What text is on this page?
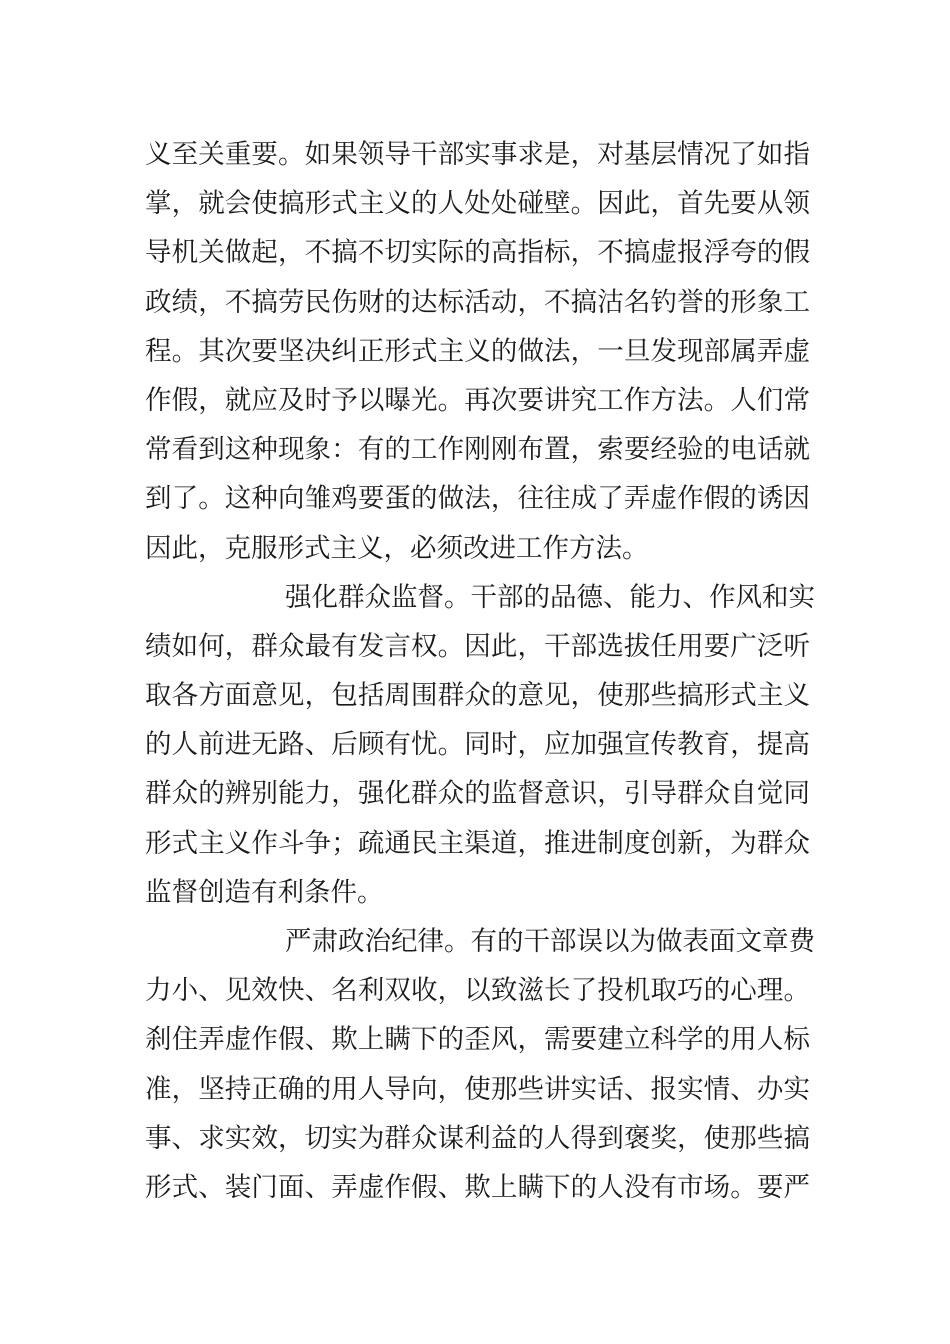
义至关重要。如果领导干部实事求是，对基层情况了如指
掌，就会使搞形式主义的人处处碰壁。因此，首先要从领
导机关做起，不搞不切实际的高指标，不搞虚报浮夸的假
政绩，不搞劳民伤财的达标活动，不搞沽名钓誉的形象工
程。其次要坚决纠正形式主义的做法，一旦发现部属弄虚
作假，就应及时予以曝光。再次要讲究工作方法。人们常
常看到这种现象：有的工作刚刚布置，索要经验的电话就
到了。这种向雏鸡要蛋的做法，往往成了弄虚作假的诱因
因此，克服形式主义，必须改进工作方法。
强化群众监督。干部的品德、能力、作风和实
绩如何，群众最有发言权。因此，干部选拔任用要广泛听
取各方面意见，包括周围群众的意见，使那些搞形式主义
的人前进无路、后顾有忧。同时，应加强宣传教育，提高
群众的辨别能力，强化群众的监督意识，引导群众自觉同
形式主义作斗争；疏通民主渠道，推进制度创新，为群众
监督创造有利条件。
严肃政治纪律。有的干部误以为做表面文章费
力小、见效快、名利双收，以致滋长了投机取巧的心理。
刹住弄虚作假、欺上瞒下的歪风，需要建立科学的用人标
准，坚持正确的用人导向，使那些讲实话、报实情、办实
事、求实效，切实为群众谋利益的人得到褒奖，使那些搞
形式、装门面、弄虚作假、欺上瞒下的人没有市场。要严
